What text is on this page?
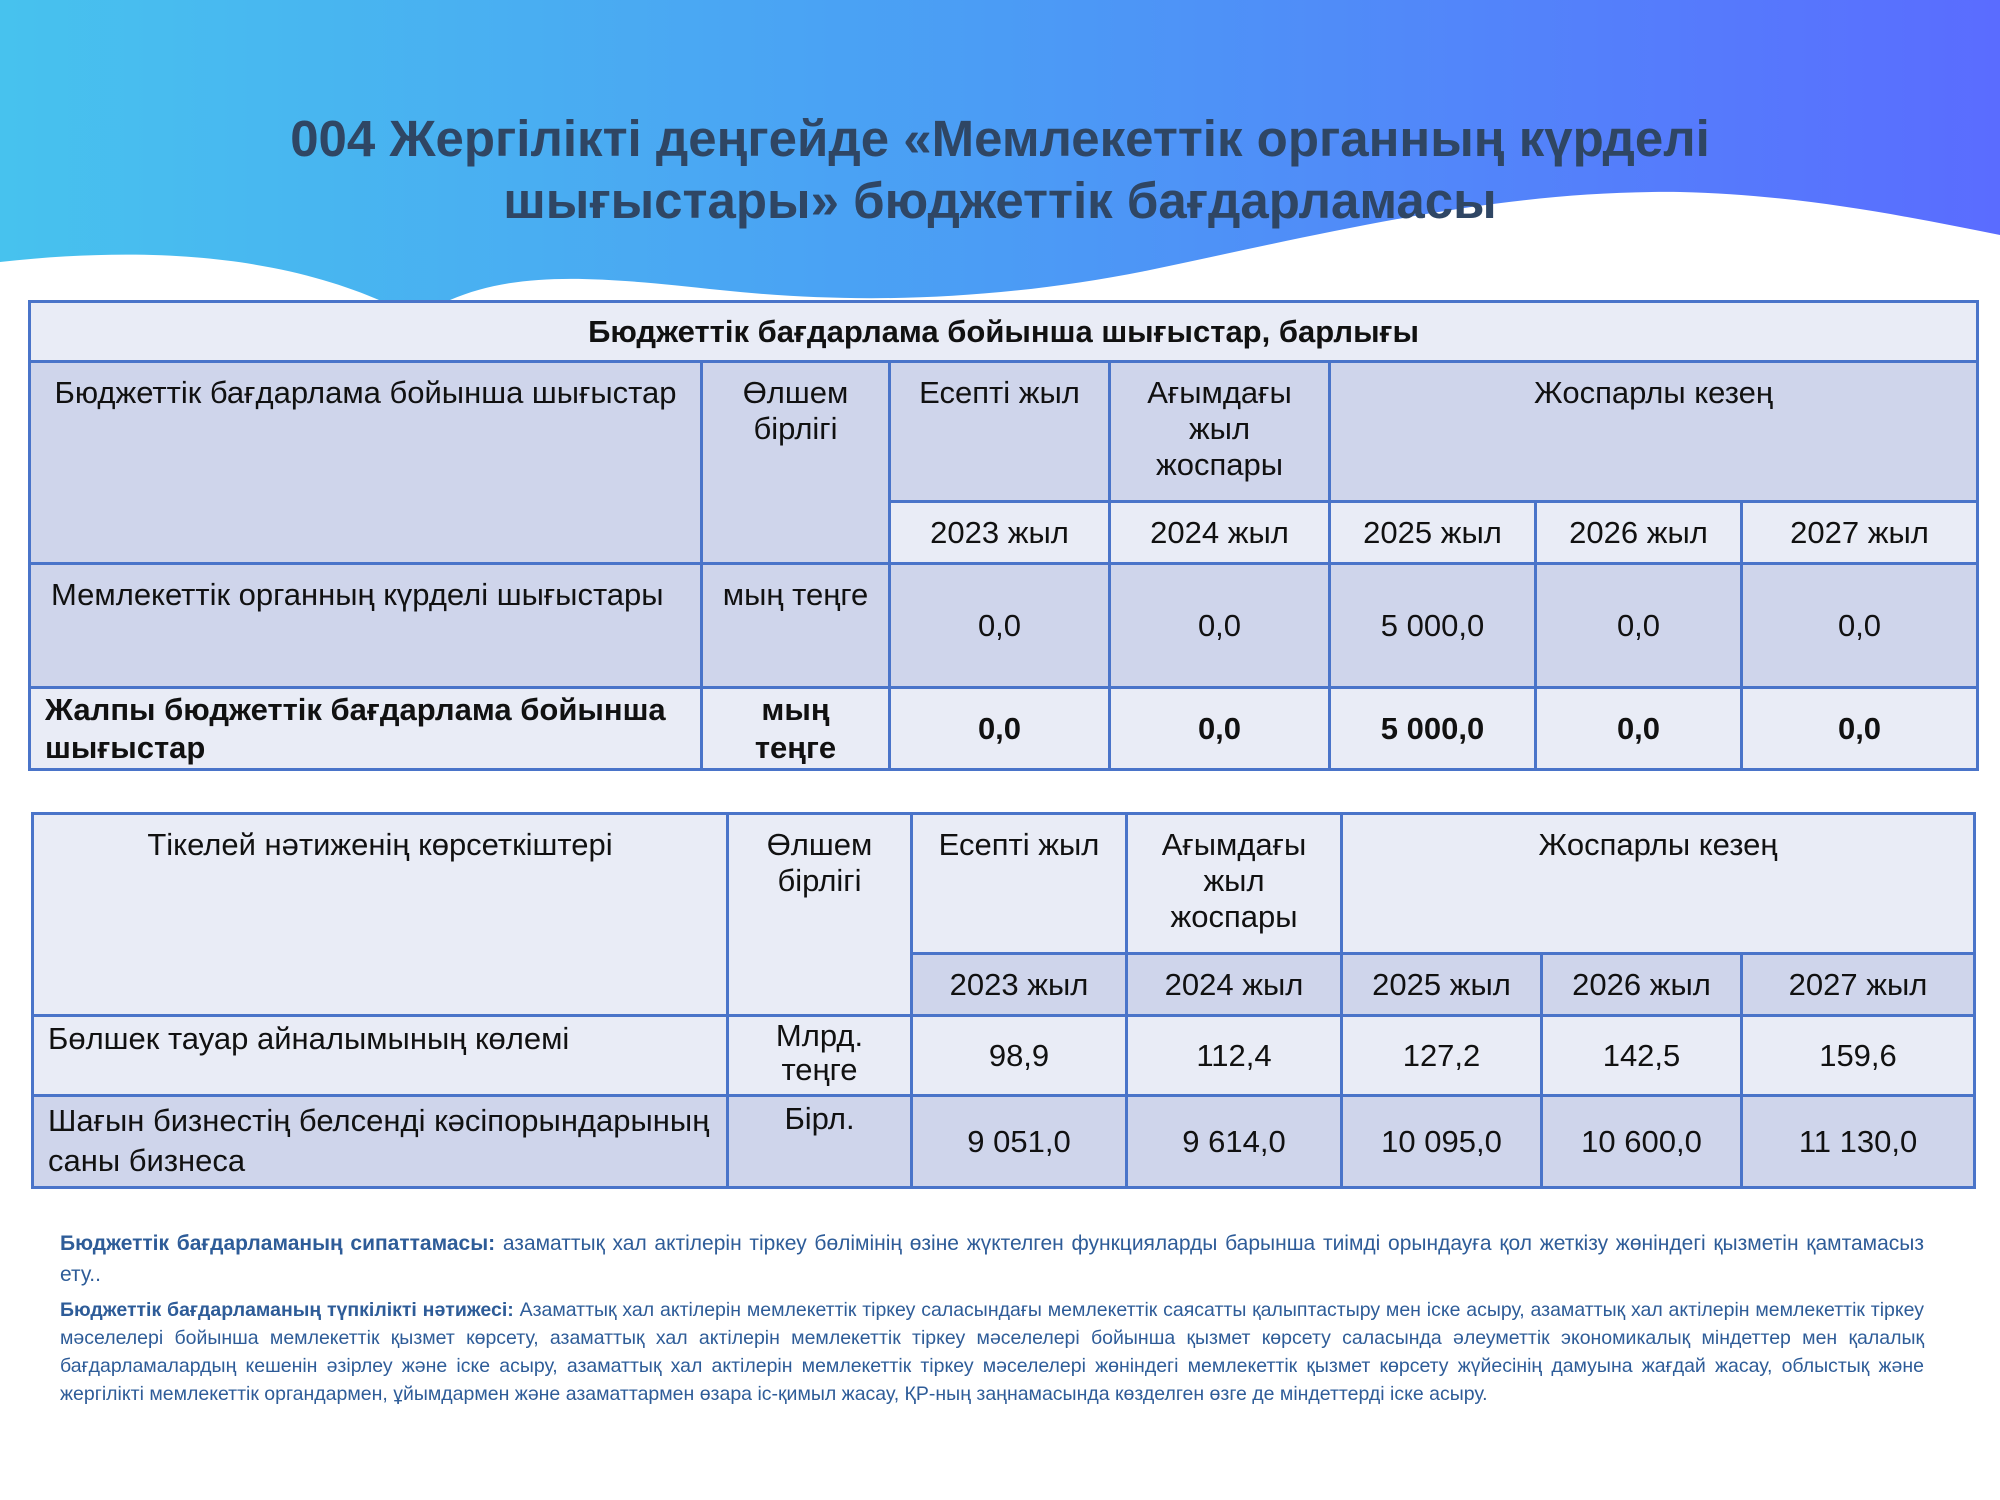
004 Жергілікті деңгейде «Мемлекеттік органның күрделі
шығыстары» бюджеттік бағдарламасы
Бюджеттік бағдарлама бойынша шығыстар, барлығы						
Бюджеттік бағдарлама бойынша шығыстар	Өлшем бірлігі	Есепті жыл	Ағымдағы жыл жоспары	Жоспарлы кезең		
		2023 жыл	2024 жыл	2025 жыл	2026 жыл	2027 жыл
Мемлекеттік органның күрделі шығыстары	мың теңге	0,0	0,0	5 000,0	0,0	0,0
Жалпы бюджеттік бағдарлама бойынша шығыстар	мың теңге	0,0	0,0	5 000,0	0,0	0,0
Тікелей нәтиженің көрсеткіштері	Өлшем бірлігі	Есепті жыл	Ағымдағы жыл жоспары	Жоспарлы кезең		
		2023 жыл	2024 жыл	2025 жыл	2026 жыл	2027 жыл
Бөлшек тауар айналымының көлемі	Млрд. теңге	98,9	112,4	127,2	142,5	159,6
Шағын бизнестің белсенді кәсіпорындарының саны бизнеса	Бірл.	9 051,0	9 614,0	10 095,0	10 600,0	11 130,0

Бюджеттік бағдарламаның сипаттамасы: азаматтық хал актілерін тіркеу бөлімінің өзіне жүктелген функцияларды барынша тиімді орындауға қол жеткізу жөніндегі қызметін қамтамасыз ету..

Бюджеттік бағдарламаның түпкілікті нәтижесі: Азаматтық хал актілерін мемлекеттік тіркеу саласындағы мемлекеттік саясатты қалыптастыру мен іске асыру, азаматтық хал актілерін мемлекеттік тіркеу мәселелері бойынша мемлекеттік қызмет көрсету, азаматтық хал актілерін мемлекеттік тіркеу мәселелері бойынша қызмет көрсету саласында әлеуметтік экономикалық міндеттер мен қалалық бағдарламалардың кешенін әзірлеу және іске асыру, азаматтық хал актілерін мемлекеттік тіркеу мәселелері жөніндегі мемлекеттік қызмет көрсету жүйесінің дамуына жағдай жасау, облыстық және жергілікті мемлекеттік органдармен, ұйымдармен және азаматтармен өзара іс-қимыл жасау, ҚР-ның заңнамасында көзделген өзге де міндеттерді іске асыру.
